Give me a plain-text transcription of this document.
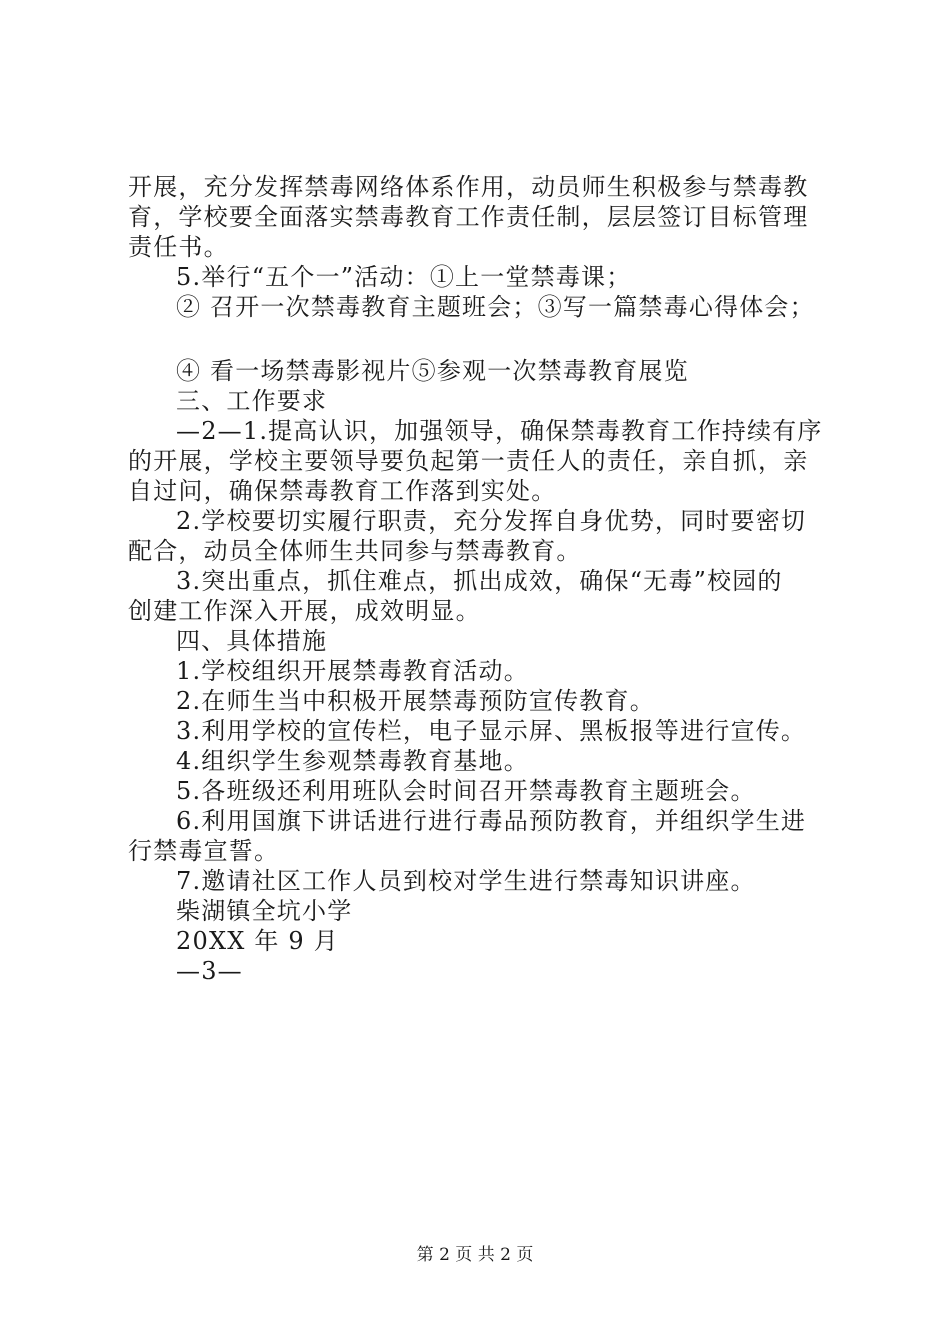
开展，充分发挥禁毒网络体系作用，动员师生积极参与禁毒教

育，学校要全面落实禁毒教育工作责任制，层层签订目标管理

责任书。

5.举行“五个一”活动：①上一堂禁毒课；

② 召开一次禁毒教育主题班会；③写一篇禁毒心得体会；

④ 看一场禁毒影视片⑤参观一次禁毒教育展览

三、工作要求

—2—1.提高认识，加强领导，确保禁毒教育工作持续有序

的开展，学校主要领导要负起第一责任人的责任，亲自抓，亲

自过问，确保禁毒教育工作落到实处。

2.学校要切实履行职责，充分发挥自身优势，同时要密切

配合，动员全体师生共同参与禁毒教育。

3.突出重点，抓住难点，抓出成效，确保“无毒”校园的

创建工作深入开展，成效明显。

四、具体措施

1.学校组织开展禁毒教育活动。

2.在师生当中积极开展禁毒预防宣传教育。

3.利用学校的宣传栏，电子显示屏、黑板报等进行宣传。

4.组织学生参观禁毒教育基地。

5.各班级还利用班队会时间召开禁毒教育主题班会。

6.利用国旗下讲话进行进行毒品预防教育，并组织学生进

行禁毒宣誓。

7.邀请社区工作人员到校对学生进行禁毒知识讲座。

柴湖镇全坑小学

20XX 年 9 月

—3—

第 2 页 共 2 页
